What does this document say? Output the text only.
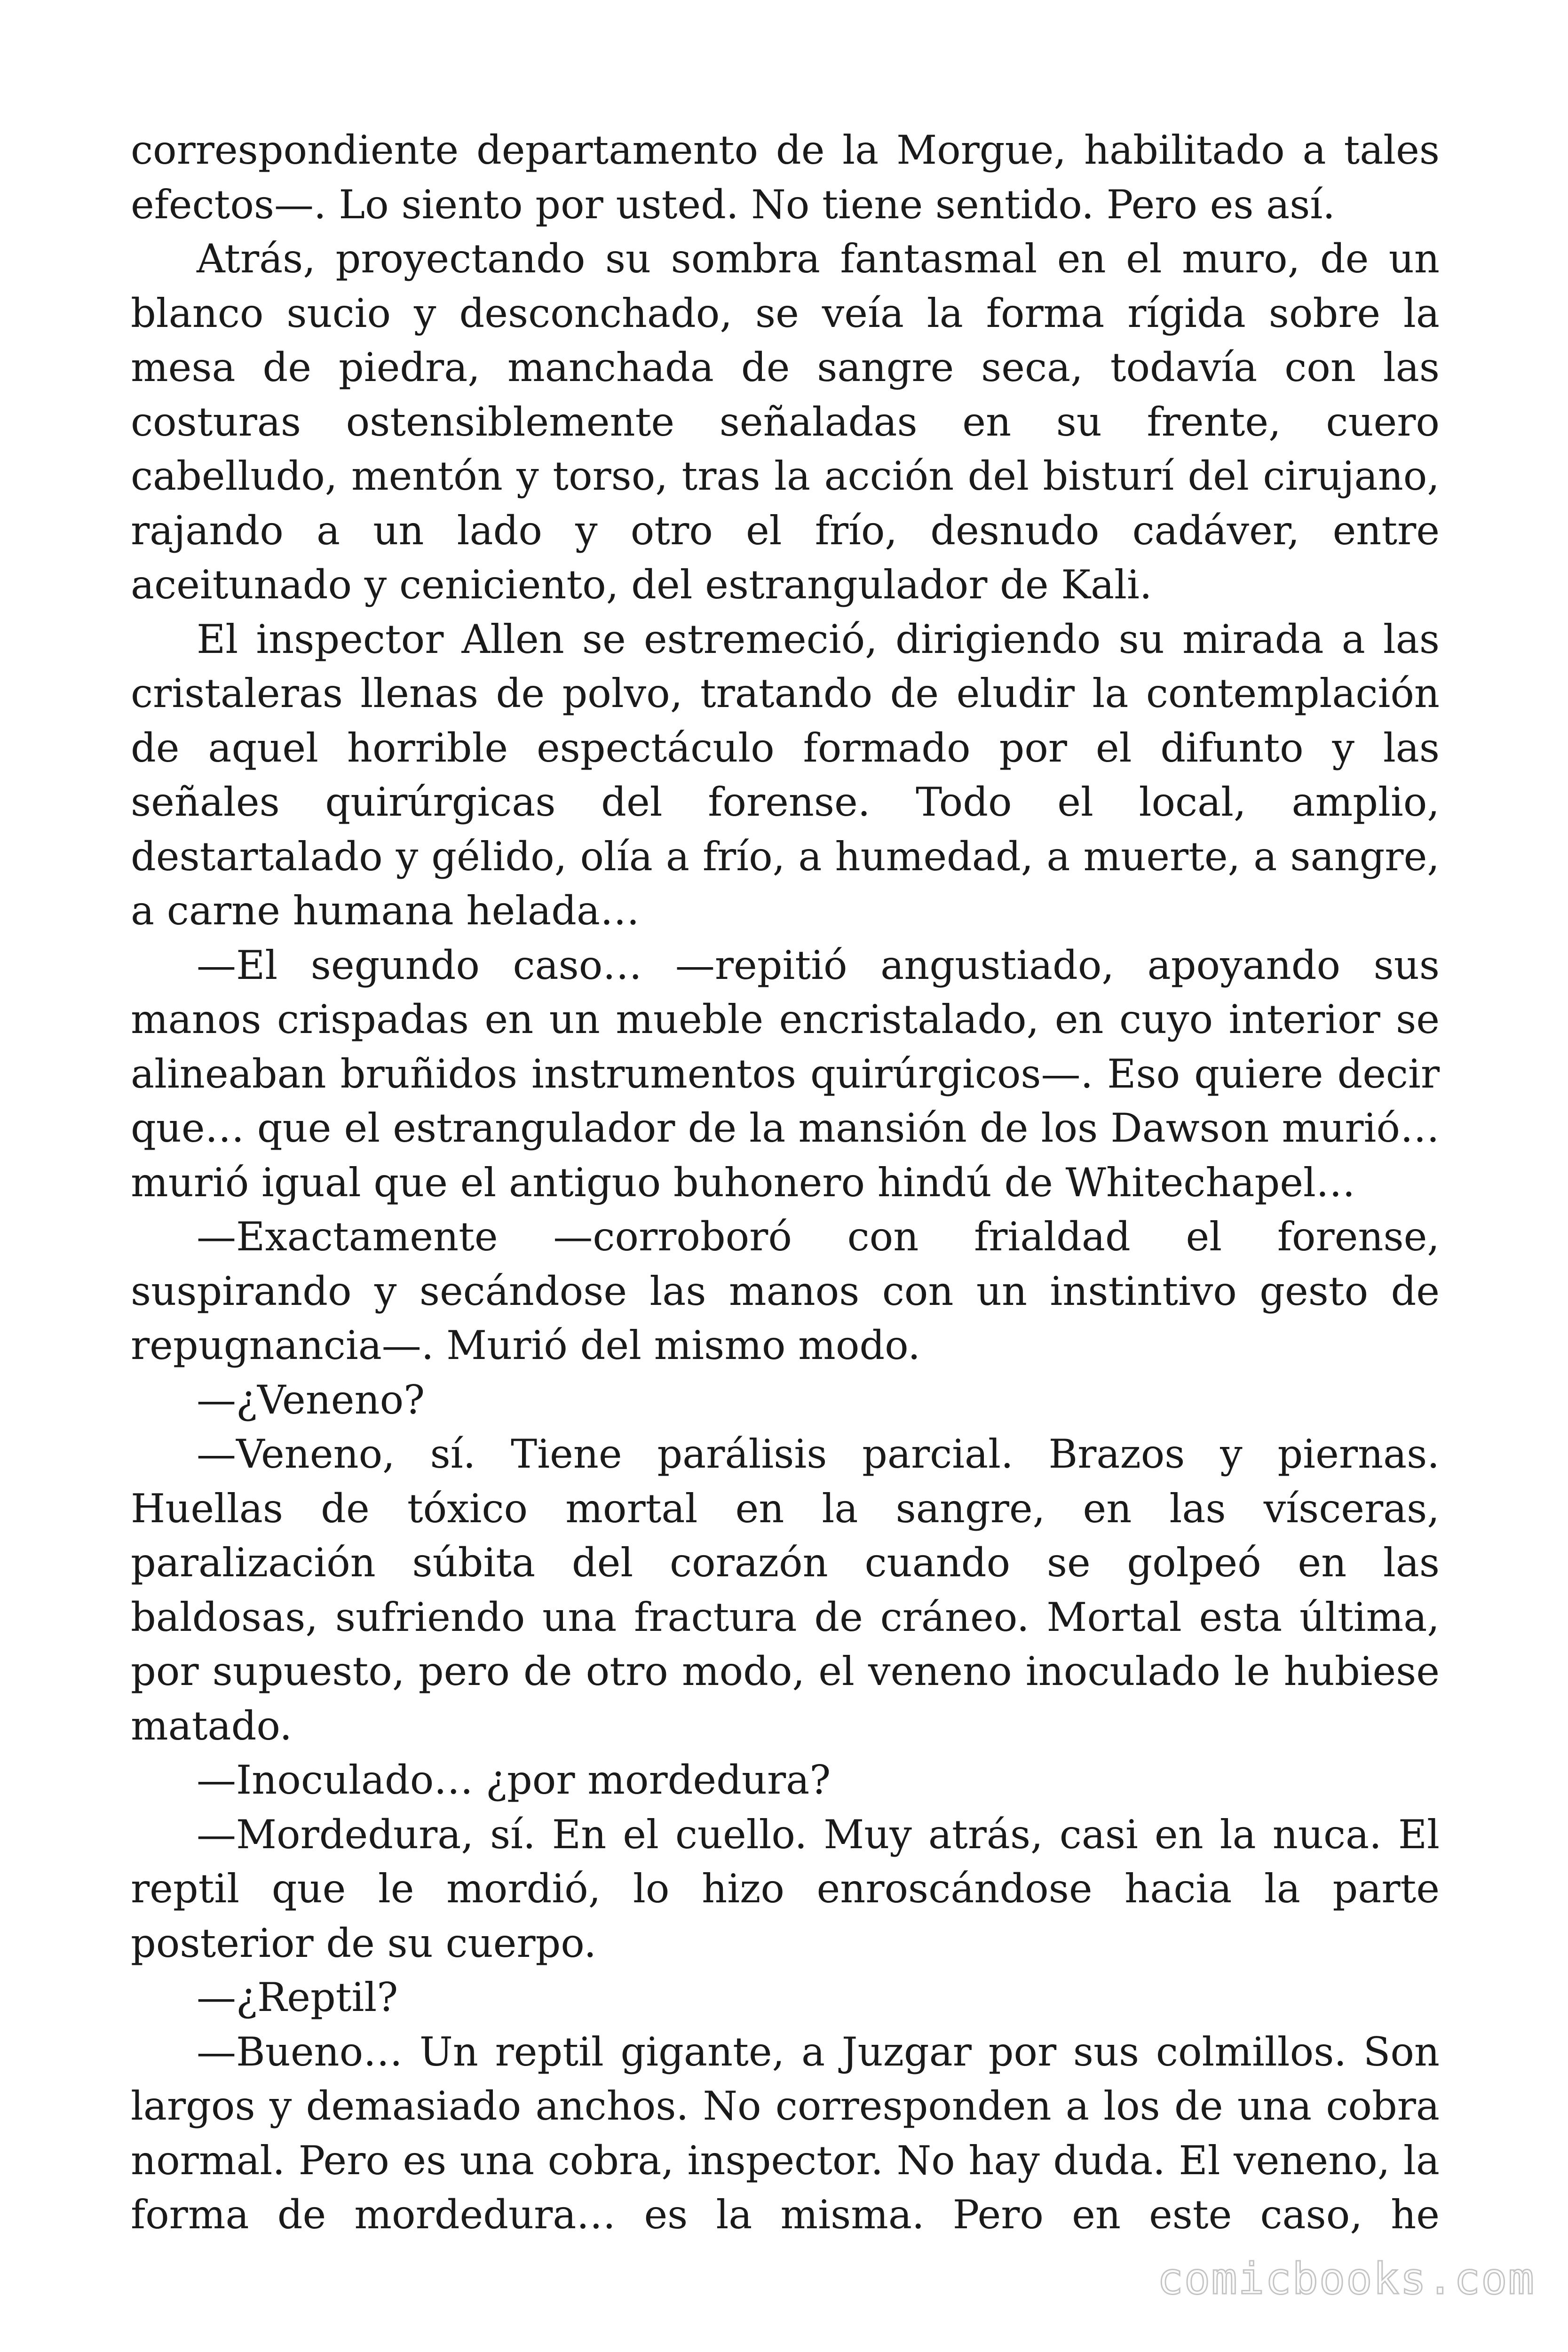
correspondiente departamento de la Morgue, habilitado a tales efectos—. Lo siento por usted. No tiene sentido. Pero es así.

Atrás, proyectando su sombra fantasmal en el muro, de un blanco sucio y desconchado, se veía la forma rígida sobre la mesa de piedra, manchada de sangre seca, todavía con las costuras ostensiblemente señaladas en su frente, cuero cabelludo, mentón y torso, tras la acción del bisturí del cirujano, rajando a un lado y otro el frío, desnudo cadáver, entre aceitunado y ceniciento, del estrangulador de Kali.

El inspector Allen se estremeció, dirigiendo su mirada a las cristaleras llenas de polvo, tratando de eludir la contemplación de aquel horrible espectáculo formado por el difunto y las señales quirúrgicas del forense. Todo el local, amplio, destartalado y gélido, olía a frío, a humedad, a muerte, a sangre, a carne humana helada…

—El segundo caso… —repitió angustiado, apoyando sus manos crispadas en un mueble encristalado, en cuyo interior se alineaban bruñidos instrumentos quirúrgicos—. Eso quiere decir que… que el estrangulador de la mansión de los Dawson murió… murió igual que el antiguo buhonero hindú de Whitechapel…

—Exactamente —corroboró con frialdad el forense, suspirando y secándose las manos con un instintivo gesto de repugnancia—. Murió del mismo modo.

—¿Veneno?

—Veneno, sí. Tiene parálisis parcial. Brazos y piernas. Huellas de tóxico mortal en la sangre, en las vísceras, paralización súbita del corazón cuando se golpeó en las baldosas, sufriendo una fractura de cráneo. Mortal esta última, por supuesto, pero de otro modo, el veneno inoculado le hubiese matado.

—Inoculado… ¿por mordedura?

—Mordedura, sí. En el cuello. Muy atrás, casi en la nuca. El reptil que le mordió, lo hizo enroscándose hacia la parte posterior de su cuerpo.

—¿Reptil?

—Bueno… Un reptil gigante, a Juzgar por sus colmillos. Son largos y demasiado anchos. No corresponden a los de una cobra normal. Pero es una cobra, inspector. No hay duda. El veneno, la forma de mordedura… es la misma. Pero en este caso, he

comicbooks.com
